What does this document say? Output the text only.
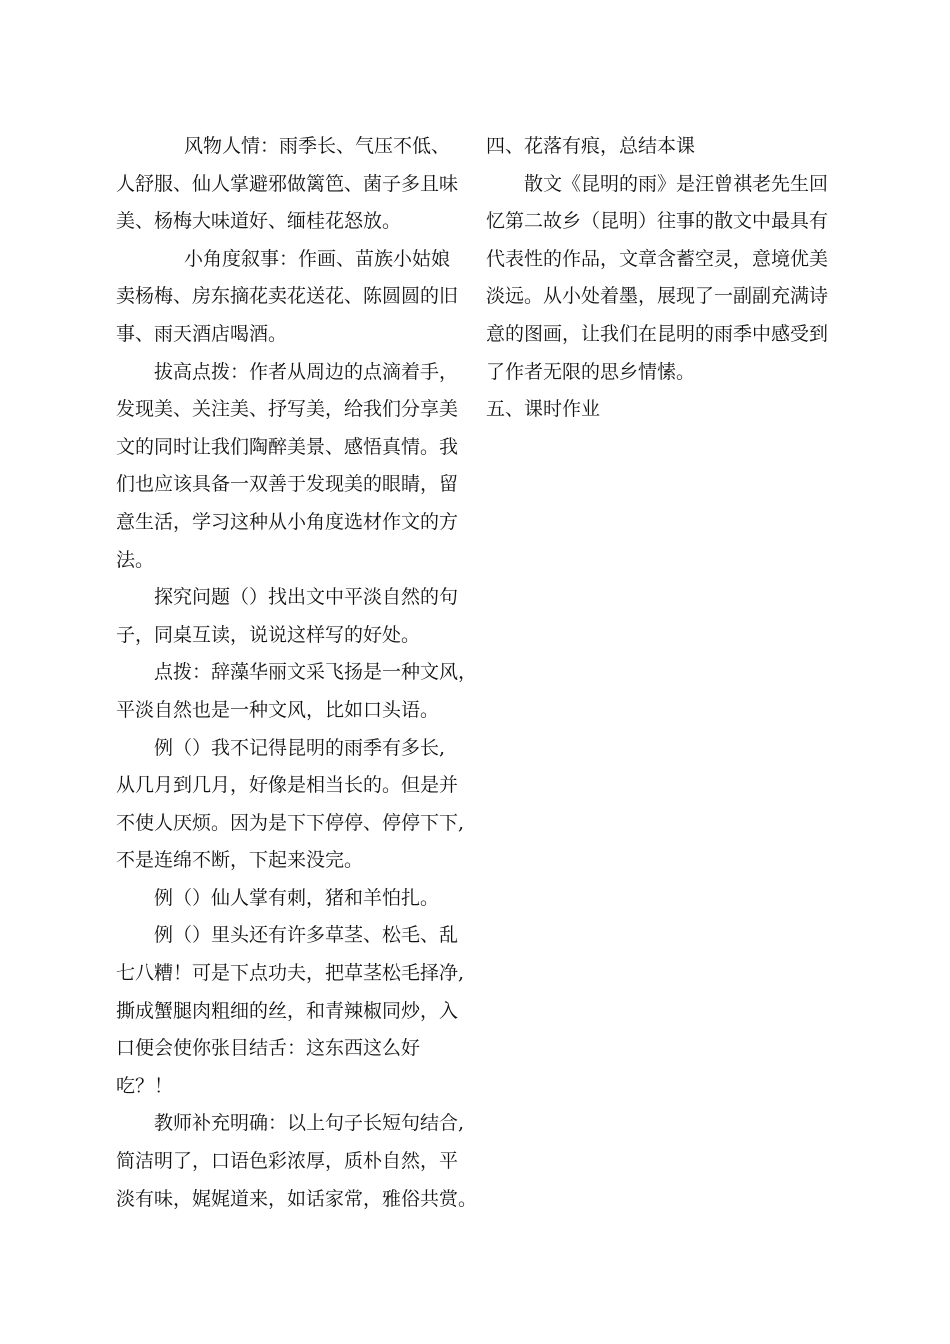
风物人情：雨季长、气压不低、
人舒服、仙人掌避邪做篱笆、菌子多且味
美、杨梅大味道好、缅桂花怒放。
小角度叙事：作画、苗族小姑娘
卖杨梅、房东摘花卖花送花、陈圆圆的旧
事、雨天酒店喝酒。
拔高点拨：作者从周边的点滴着手，
发现美、关注美、抒写美，给我们分享美
文的同时让我们陶醉美景、感悟真情。我
们也应该具备一双善于发现美的眼睛，留
意生活，学习这种从小角度选材作文的方
法。
探究问题（）找出文中平淡自然的句
子，同桌互读，说说这样写的好处。
点拨：辞藻华丽文采飞扬是一种文风，
平淡自然也是一种文风，比如口头语。
例（）我不记得昆明的雨季有多长,
从几月到几月，好像是相当长的。但是并
不使人厌烦。因为是下下停停、停停下下,
不是连绵不断，下起来没完。
例（）仙人掌有刺，猪和羊怕扎。
例（）里头还有许多草茎、松毛、乱
七八糟！可是下点功夫，把草茎松毛择净,
撕成蟹腿肉粗细的丝，和青辣椒同炒，入
口便会使你张目结舌：这东西这么好
吃？！
教师补充明确：以上句子长短句结合,
简洁明了，口语色彩浓厚，质朴自然，平
淡有味，娓娓道来，如话家常，雅俗共赏。
四、花落有痕，总结本课
散文《昆明的雨》是汪曾祺老先生回
忆第二故乡（昆明）往事的散文中最具有
代表性的作品，文章含蓄空灵，意境优美
淡远。从小处着墨，展现了一副副充满诗
意的图画，让我们在昆明的雨季中感受到
了作者无限的思乡情愫。
五、课时作业
